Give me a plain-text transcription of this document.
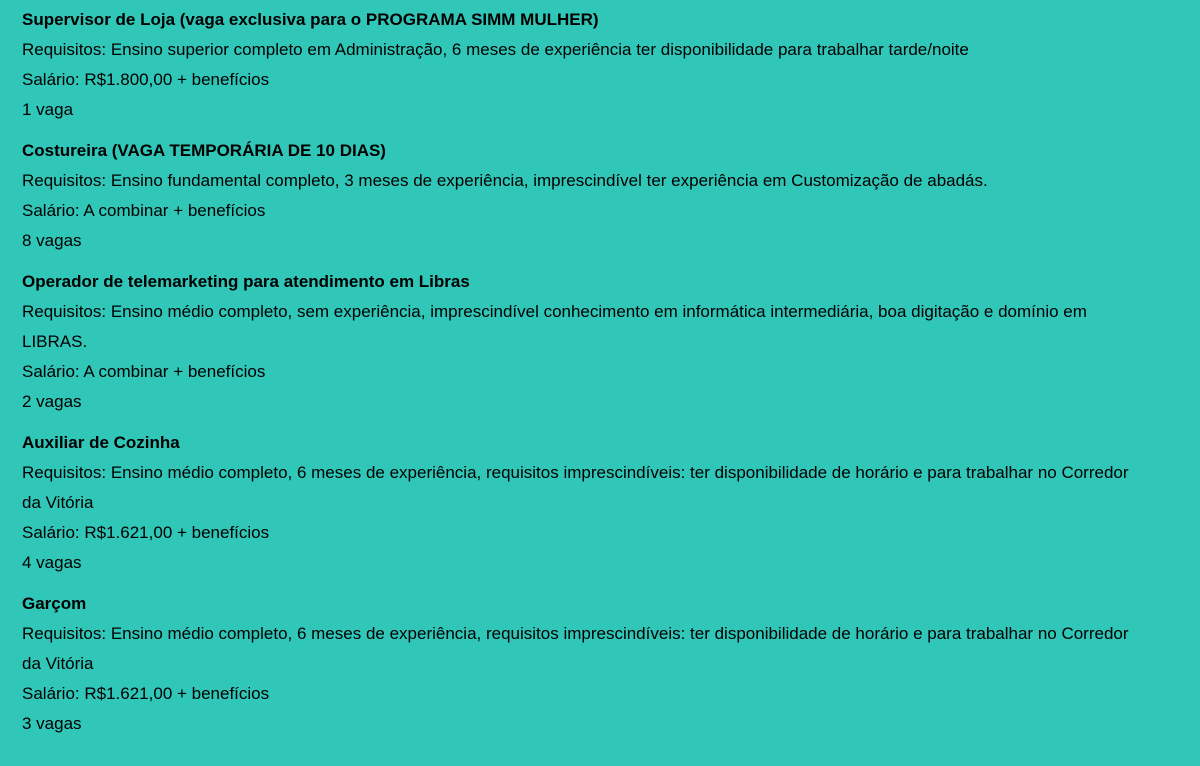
Supervisor de Loja (vaga exclusiva para o PROGRAMA SIMM MULHER)

Requisitos: Ensino superior completo em Administração, 6 meses de experiência ter disponibilidade para trabalhar tarde/noite

Salário: R$1.800,00 + benefícios

1 vaga

Costureira (VAGA TEMPORÁRIA DE 10 DIAS)

Requisitos: Ensino fundamental completo, 3 meses de experiência, imprescindível ter experiência em Customização de abadás.

Salário: A combinar + benefícios

8 vagas

Operador de telemarketing para atendimento em Libras

Requisitos: Ensino médio completo, sem experiência, imprescindível conhecimento em informática intermediária, boa digitação e domínio em LIBRAS.

Salário: A combinar + benefícios

2 vagas

Auxiliar de Cozinha

Requisitos: Ensino médio completo, 6 meses de experiência, requisitos imprescindíveis: ter disponibilidade de horário e para trabalhar no Corredor da Vitória

Salário: R$1.621,00 + benefícios

4 vagas

Garçom

Requisitos: Ensino médio completo, 6 meses de experiência, requisitos imprescindíveis: ter disponibilidade de horário e para trabalhar no Corredor da Vitória

Salário: R$1.621,00 + benefícios

3 vagas
